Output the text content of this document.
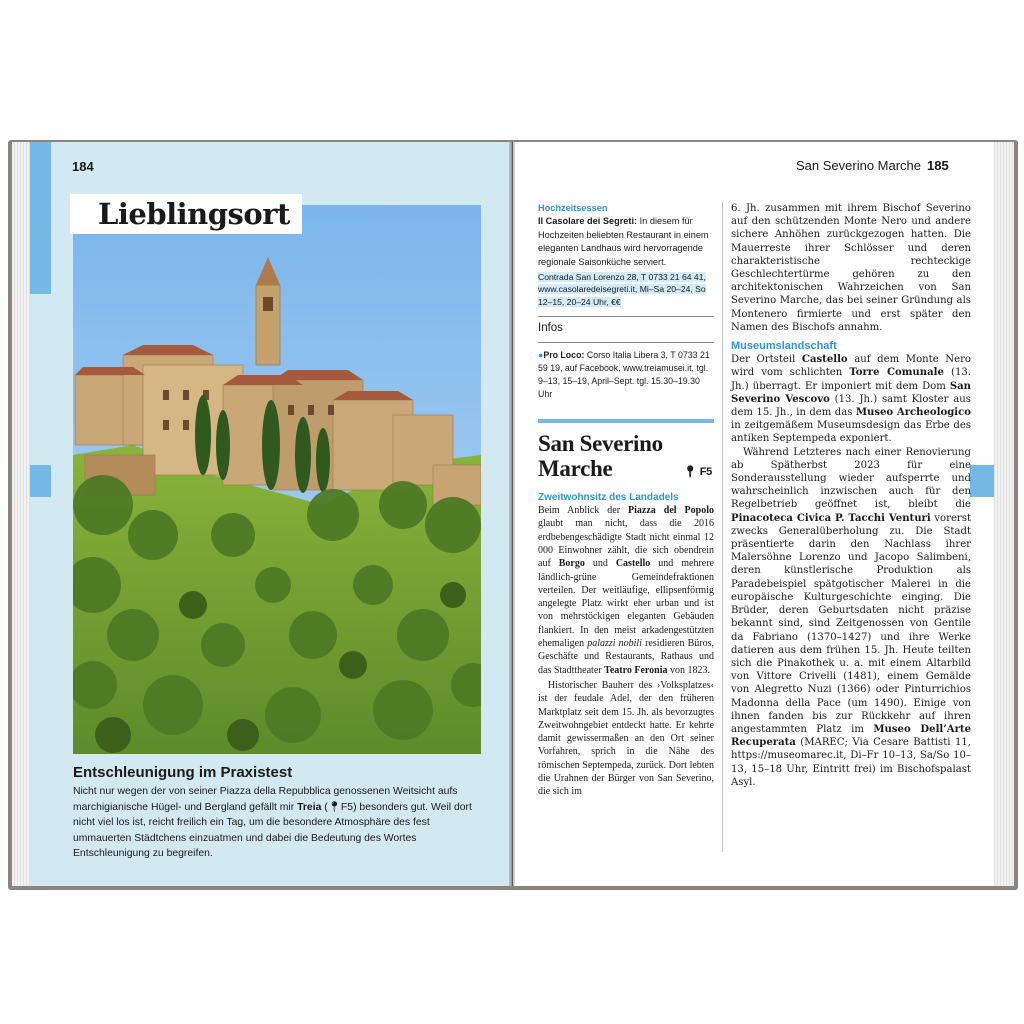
184
Lieblingsort
Entschleunigung im Praxistest
Nicht nur wegen der von seiner Piazza della Repubblica genossenen Weitsicht aufs marchigianische Hügel- und Bergland gefällt mir Treia (📍︎F5) besonders gut. Weil dort nicht viel los ist, reicht freilich ein Tag, um die besondere Atmosphäre des fest ummauerten Städtchens einzuatmen und dabei die Bedeutung des Wortes Entschleunigung zu begreifen.
San Severino Marche 185
Hochzeitsessen
Il Casolare dei Segreti: In diesem für Hochzeiten beliebten Restaurant in einem eleganten Landhaus wird hervorragende regionale Saisonküche serviert.
Contrada San Lorenzo 28, T 0733 21 64 41, www.casolaredeisegreti.it, Mi–Sa 20–24, So 12–15, 20–24 Uhr, €€
Infos
●Pro Loco: Corso Italia Libera 3, T 0733 21 59 19, auf Facebook, www.treiamusei.it, tgl. 9–13, 15–19, April–Sept. tgl. 15.30–19.30 Uhr
San Severino
Marche	📍︎ F5
Zweitwohnsitz des Landadels
Beim Anblick der Piazza del Popolo glaubt man nicht, dass die 2016 erdbebengeschädigte Stadt nicht einmal 12 000 Einwohner zählt, die sich obendrein auf Borgo und Castello und mehrere ländlich-grüne Gemeindefraktionen verteilen. Der weitläufige, ellipsenförmig angelegte Platz wirkt eher urban und ist von mehrstöckigen eleganten Gebäuden flankiert. In den meist arkadengestützten ehemaligen palazzi nobili residieren Büros, Geschäfte und Restaurants, Rathaus und das Stadttheater Teatro Feronia von 1823.
Historischer Bauherr des ›Volksplatzes‹ ist der feudale Adel, der den früheren Marktplatz seit dem 15. Jh. als bevorzugtes Zweitwohngebiet entdeckt hatte. Er kehrte damit gewissermaßen an den Ort seiner Vorfahren, sprich in die Nähe des römischen Septempeda, zurück. Dort lebten die Urahnen der Bürger von San Severino, die sich im
6. Jh. zusammen mit ihrem Bischof Severino auf den schützenden Monte Nero und andere sichere Anhöhen zurückgezogen hatten. Die Mauerreste ihrer Schlösser und deren charakteristische rechteckige Geschlechtertürme gehören zu den architektonischen Wahrzeichen von San Severino Marche, das bei seiner Gründung als Montenero firmierte und erst später den Namen des Bischofs annahm.
Museumslandschaft
Der Ortsteil Castello auf dem Monte Nero wird vom schlichten Torre Comunale (13. Jh.) überragt. Er imponiert mit dem Dom San Severino Vescovo (13. Jh.) samt Kloster aus dem 15. Jh., in dem das Museo Archeologico in zeitgemäßem Museumsdesign das Erbe des antiken Septempeda exponiert.
Während Letzteres nach einer Renovierung ab Spätherbst 2023 für eine Sonderausstellung wieder aufsperrte und wahrscheinlich inzwischen auch für den Regelbetrieb geöffnet ist, bleibt die Pinacoteca Civica P. Tacchi Venturi vorerst zwecks Generalüberholung zu. Die Stadt präsentierte darin den Nachlass ihrer Malersöhne Lorenzo und Jacopo Salimbeni, deren künstlerische Produktion als Paradebeispiel spätgotischer Malerei in die europäische Kulturgeschichte einging. Die Brüder, deren Geburtsdaten nicht präzise bekannt sind, sind Zeitgenossen von Gentile da Fabriano (1370–1427) und ihre Werke datieren aus dem frühen 15. Jh. Heute teilten sich die Pinakothek u. a. mit einem Altarbild von Vittore Crivelli (1481), einem Gemälde von Alegretto Nuzi (1366) oder Pinturrichios Madonna della Pace (um 1490). Einige von ihnen fanden bis zur Rückkehr auf ihren angestammten Platz im Museo Dell’Arte Recuperata (MAREC; Via Cesare Battisti 11, https://museomarec.it, Di–Fr 10–13, Sa/So 10–13, 15–18 Uhr, Eintritt frei) im Bischofspalast Asyl.
